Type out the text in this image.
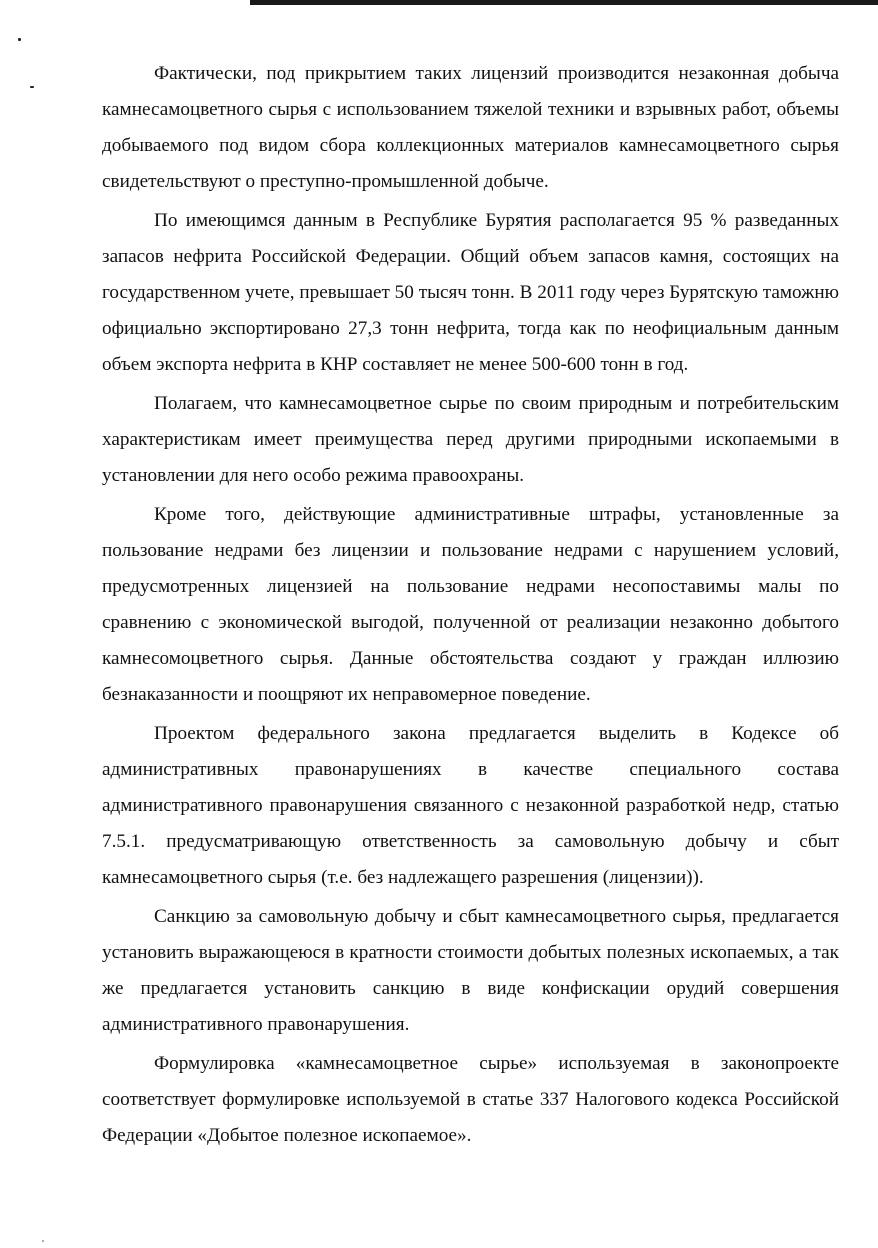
Фактически, под прикрытием таких лицензий производится незаконная добыча камнесамоцветного сырья с использованием тяжелой техники и взрывных работ, объемы добываемого под видом сбора коллекционных материалов камнесамоцветного сырья свидетельствуют о преступно-промышленной добыче.

По имеющимся данным в Республике Бурятия располагается 95 % разведанных запасов нефрита Российской Федерации. Общий объем запасов камня, состоящих на государственном учете, превышает 50 тысяч тонн. В 2011 году через Бурятскую таможню официально экспортировано 27,3 тонн нефрита, тогда как по неофициальным данным объем экспорта нефрита в КНР составляет не менее 500-600 тонн в год.

Полагаем, что камнесамоцветное сырье по своим природным и потребительским характеристикам имеет преимущества перед другими природными ископаемыми в установлении для него особо режима правоохраны.

Кроме того, действующие административные штрафы, установленные за пользование недрами без лицензии и пользование недрами с нарушением условий, предусмотренных лицензией на пользование недрами несопоставимы малы по сравнению с экономической выгодой, полученной от реализации незаконно добытого камнесомоцветного сырья. Данные обстоятельства создают у граждан иллюзию безнаказанности и поощряют их неправомерное поведение.

Проектом федерального закона предлагается выделить в Кодексе об административных правонарушениях в качестве специального состава административного правонарушения связанного с незаконной разработкой недр, статью 7.5.1. предусматривающую ответственность за самовольную добычу и сбыт камнесамоцветного сырья (т.е. без надлежащего разрешения (лицензии)).

Санкцию за самовольную добычу и сбыт камнесамоцветного сырья, предлагается установить выражающеюся в кратности стоимости добытых полезных ископаемых, а так же предлагается установить санкцию в виде конфискации орудий совершения административного правонарушения.

Формулировка «камнесамоцветное сырье» используемая в законопроекте соответствует формулировке используемой в статье 337 Налогового кодекса Российской Федерации «Добытое полезное ископаемое».
